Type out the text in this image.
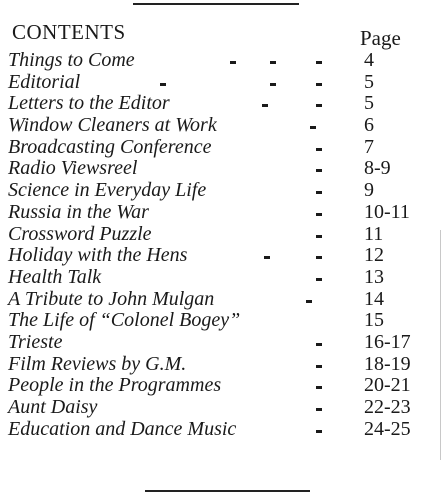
CONTENTS	Page
Things to Come	4
Editorial	5
Letters to the Editor	5
Window Cleaners at Work	6
Broadcasting Conference	7
Radio Viewsreel	8-9
Science in Everyday Life	9
Russia in the War	10-11
Crossword Puzzle	11
Holiday with the Hens	12
Health Talk	13
A Tribute to John Mulgan	14
The Life of “Colonel Bogey”	15
Trieste	16-17
Film Reviews by G.M.	18-19
People in the Programmes	20-21
Aunt Daisy	22-23
Education and Dance Music	24-25
